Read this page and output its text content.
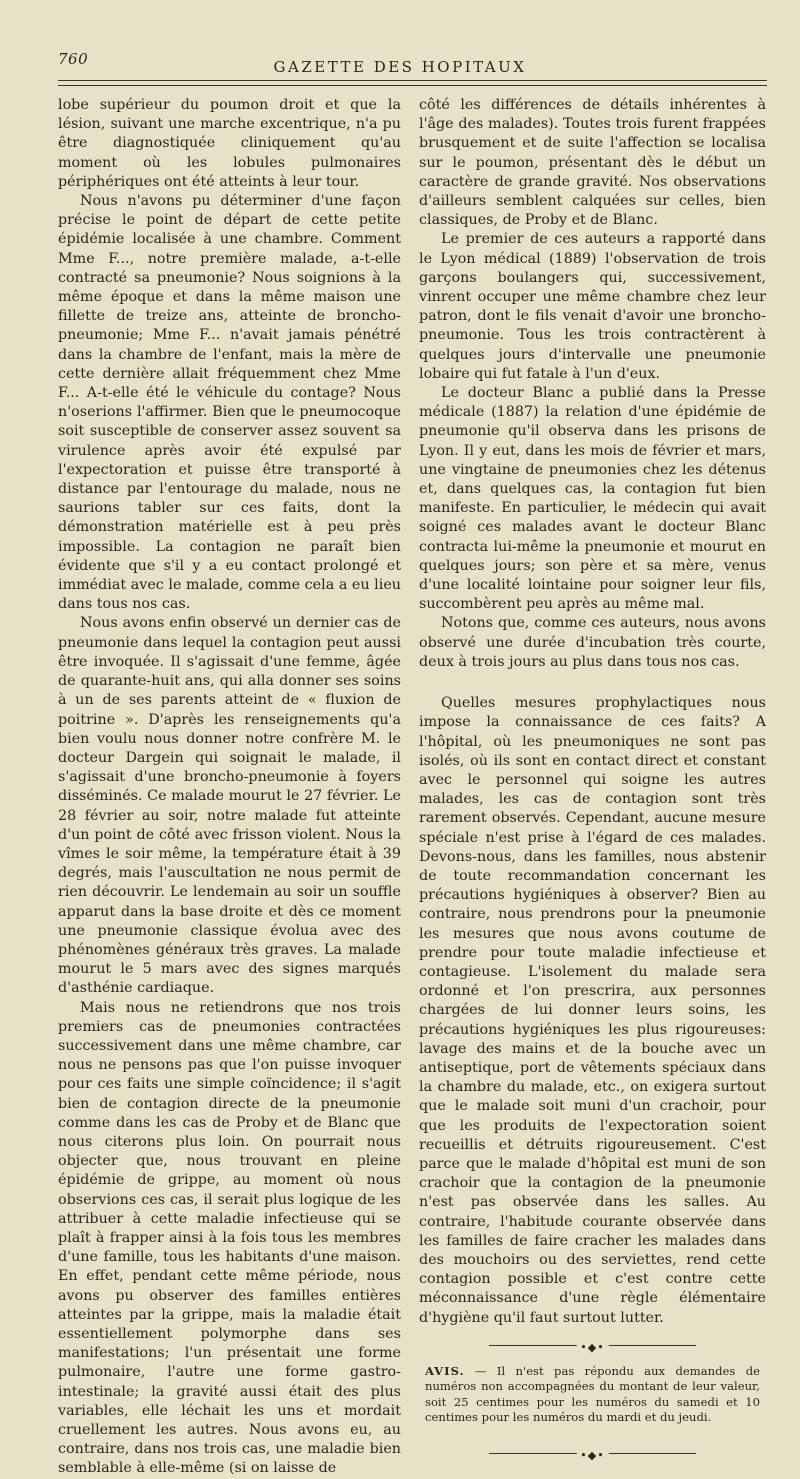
760	GAZETTE DES HOPITAUX

lobe supérieur du poumon droit et que la lésion, suivant une marche excentrique, n'a pu être diagnostiquée cliniquement qu'au moment où les lobules pulmonaires périphériques ont été atteints à leur tour.

Nous n'avons pu déterminer d'une façon précise le point de départ de cette petite épidémie localisée à une chambre. Comment Mme F..., notre première malade, a-t-elle contracté sa pneumonie? Nous soignions à la même époque et dans la même maison une fillette de treize ans, atteinte de broncho-pneumonie; Mme F... n'avait jamais pénétré dans la chambre de l'enfant, mais la mère de cette dernière allait fréquemment chez Mme F... A-t-elle été le véhicule du contage? Nous n'oserions l'affirmer. Bien que le pneumocoque soit susceptible de conserver assez souvent sa virulence après avoir été expulsé par l'expectoration et puisse être transporté à distance par l'entourage du malade, nous ne saurions tabler sur ces faits, dont la démonstration matérielle est à peu près impossible. La contagion ne paraît bien évidente que s'il y a eu contact prolongé et immédiat avec le malade, comme cela a eu lieu dans tous nos cas.

Nous avons enfin observé un dernier cas de pneumonie dans lequel la contagion peut aussi être invoquée. Il s'agissait d'une femme, âgée de quarante-huit ans, qui alla donner ses soins à un de ses parents atteint de « fluxion de poitrine ». D'après les renseignements qu'a bien voulu nous donner notre confrère M. le docteur Dargein qui soignait le malade, il s'agissait d'une broncho-pneumonie à foyers disséminés. Ce malade mourut le 27 février. Le 28 février au soir, notre malade fut atteinte d'un point de côté avec frisson violent. Nous la vîmes le soir même, la température était à 39 degrés, mais l'auscultation ne nous permit de rien découvrir. Le lendemain au soir un souffle apparut dans la base droite et dès ce moment une pneumonie classique évolua avec des phénomènes généraux très graves. La malade mourut le 5 mars avec des signes marqués d'asthénie cardiaque.

Mais nous ne retiendrons que nos trois premiers cas de pneumonies contractées successivement dans une même chambre, car nous ne pensons pas que l'on puisse invoquer pour ces faits une simple coïncidence; il s'agit bien de contagion directe de la pneumonie comme dans les cas de Proby et de Blanc que nous citerons plus loin. On pourrait nous objecter que, nous trouvant en pleine épidémie de grippe, au moment où nous observions ces cas, il serait plus logique de les attribuer à cette maladie infectieuse qui se plaît à frapper ainsi à la fois tous les membres d'une famille, tous les habitants d'une maison. En effet, pendant cette même période, nous avons pu observer des familles entières atteintes par la grippe, mais la maladie était essentiellement polymorphe dans ses manifestations; l'un présentait une forme pulmonaire, l'autre une forme gastro-intestinale; la gravité aussi était des plus variables, elle léchait les uns et mordait cruellement les autres. Nous avons eu, au contraire, dans nos trois cas, une maladie bien semblable à elle-même (si on laisse de

côté les différences de détails inhérentes à l'âge des malades). Toutes trois furent frappées brusquement et de suite l'affection se localisa sur le poumon, présentant dès le début un caractère de grande gravité. Nos observations d'ailleurs semblent calquées sur celles, bien classiques, de Proby et de Blanc.

Le premier de ces auteurs a rapporté dans le Lyon médical (1889) l'observation de trois garçons boulangers qui, successivement, vinrent occuper une même chambre chez leur patron, dont le fils venait d'avoir une broncho-pneumonie. Tous les trois contractèrent à quelques jours d'intervalle une pneumonie lobaire qui fut fatale à l'un d'eux.

Le docteur Blanc a publié dans la Presse médicale (1887) la relation d'une épidémie de pneumonie qu'il observa dans les prisons de Lyon. Il y eut, dans les mois de février et mars, une vingtaine de pneumonies chez les détenus et, dans quelques cas, la contagion fut bien manifeste. En particulier, le médecin qui avait soigné ces malades avant le docteur Blanc contracta lui-même la pneumonie et mourut en quelques jours; son père et sa mère, venus d'une localité lointaine pour soigner leur fils, succombèrent peu après au même mal.

Notons que, comme ces auteurs, nous avons observé une durée d'incubation très courte, deux à trois jours au plus dans tous nos cas.

Quelles mesures prophylactiques nous impose la connaissance de ces faits? A l'hôpital, où les pneumoniques ne sont pas isolés, où ils sont en contact direct et constant avec le personnel qui soigne les autres malades, les cas de contagion sont très rarement observés. Cependant, aucune mesure spéciale n'est prise à l'égard de ces malades. Devons-nous, dans les familles, nous abstenir de toute recommandation concernant les précautions hygiéniques à observer? Bien au contraire, nous prendrons pour la pneumonie les mesures que nous avons coutume de prendre pour toute maladie infectieuse et contagieuse. L'isolement du malade sera ordonné et l'on prescrira, aux personnes chargées de lui donner leurs soins, les précautions hygiéniques les plus rigoureuses: lavage des mains et de la bouche avec un antiseptique, port de vêtements spéciaux dans la chambre du malade, etc., on exigera surtout que le malade soit muni d'un crachoir, pour que les produits de l'expectoration soient recueillis et détruits rigoureusement. C'est parce que le malade d'hôpital est muni de son crachoir que la contagion de la pneumonie n'est pas observée dans les salles. Au contraire, l'habitude courante observée dans les familles de faire cracher les malades dans des mouchoirs ou des serviettes, rend cette contagion possible et c'est contre cette méconnaissance d'une règle élémentaire d'hygiène qu'il faut surtout lutter.

•◆•
AVIS. — Il n'est pas répondu aux demandes de numéros non accompagnées du montant de leur valeur, soit 25 centimes pour les numéros du samedi et 10 centimes pour les numéros du mardi et du jeudi.
•◆•
